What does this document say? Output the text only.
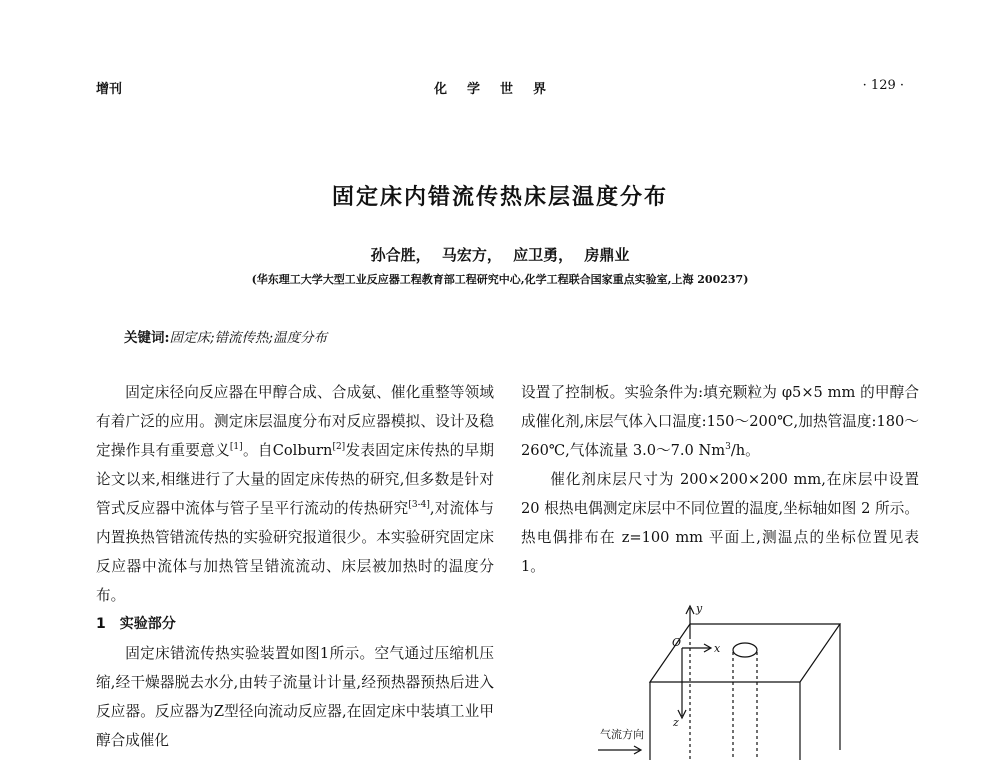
增刊	化学世界	· 129 ·
固定床内错流传热床层温度分布
孙合胜， 马宏方， 应卫勇， 房鼎业
(华东理工大学大型工业反应器工程教育部工程研究中心,化学工程联合国家重点实验室,上海 200237)
关键词:固定床;错流传热;温度分布

固定床径向反应器在甲醇合成、合成氨、催化重整等领域有着广泛的应用。测定床层温度分布对反应器模拟、设计及稳定操作具有重要意义[1]。自Colburn[2]发表固定床传热的早期论文以来,相继进行了大量的固定床传热的研究,但多数是针对管式反应器中流体与管子呈平行流动的传热研究[3-4],对流体与内置换热管错流传热的实验研究报道很少。本实验研究固定床反应器中流体与加热管呈错流流动、床层被加热时的温度分布。

1　实验部分

固定床错流传热实验装置如图1所示。空气通过压缩机压缩,经干燥器脱去水分,由转子流量计计量,经预热器预热后进入反应器。反应器为Z型径向流动反应器,在固定床中装填工业甲醇合成催化

设置了控制板。实验条件为:填充颗粒为 φ5×5 mm 的甲醇合成催化剂,床层气体入口温度:150～200℃,加热管温度:180～260℃,气体流量 3.0～7.0 Nm$^3$/h。

催化剂床层尺寸为 200×200×200 mm,在床层中设置 20 根热电偶测定床层中不同位置的温度,坐标轴如图 2 所示。热电偶排布在 z=100 mm 平面上,测温点的坐标位置见表 1。

O	x
y
z
气流方向
